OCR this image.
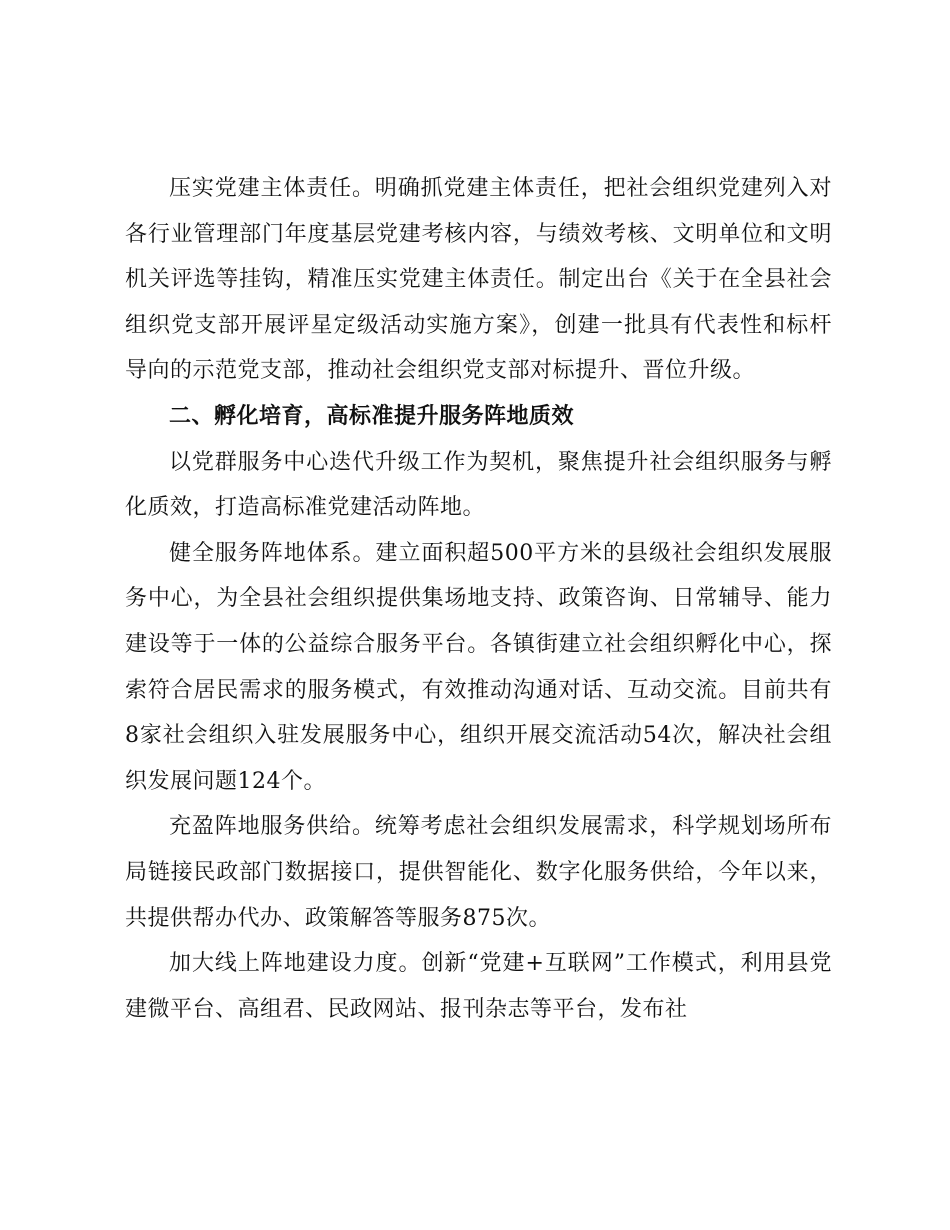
压实党建主体责任。明确抓党建主体责任，把社会组织党建列入对各行业管理部门年度基层党建考核内容，与绩效考核、文明单位和文明机关评选等挂钩，精准压实党建主体责任。制定出台《关于在全县社会组织党支部开展评星定级活动实施方案》，创建一批具有代表性和标杆导向的示范党支部，推动社会组织党支部对标提升、晋位升级。

二、孵化培育，高标准提升服务阵地质效

以党群服务中心迭代升级工作为契机，聚焦提升社会组织服务与孵化质效，打造高标准党建活动阵地。

健全服务阵地体系。建立面积超500平方米的县级社会组织发展服务中心，为全县社会组织提供集场地支持、政策咨询、日常辅导、能力建设等于一体的公益综合服务平台。各镇街建立社会组织孵化中心，探索符合居民需求的服务模式，有效推动沟通对话、互动交流。目前共有8家社会组织入驻发展服务中心，组织开展交流活动54次，解决社会组织发展问题124个。

充盈阵地服务供给。统筹考虑社会组织发展需求，科学规划场所布局链接民政部门数据接口，提供智能化、数字化服务供给，今年以来，共提供帮办代办、政策解答等服务875次。

加大线上阵地建设力度。创新“党建+互联网”工作模式，利用县党建微平台、高组君、民政网站、报刊杂志等平台，发布社
